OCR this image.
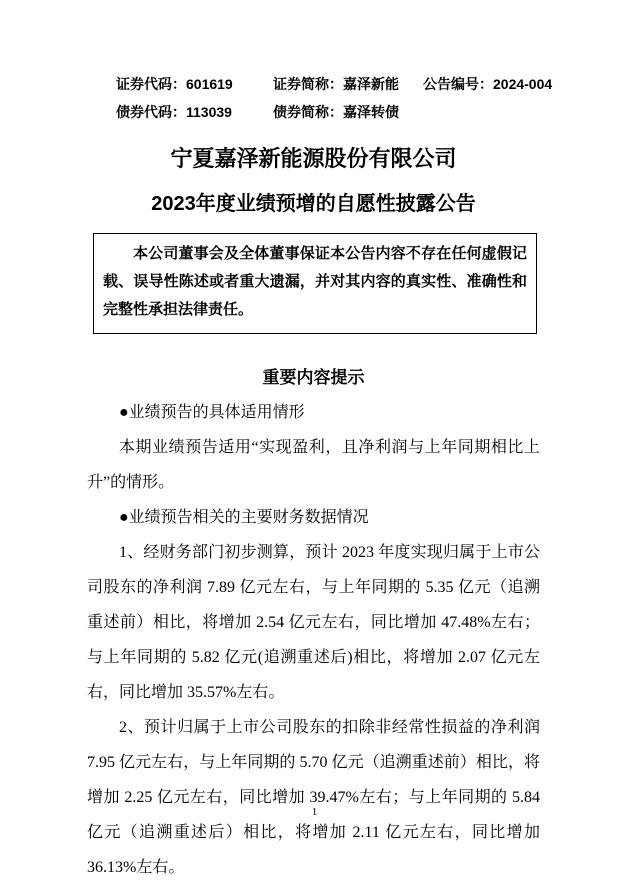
证券代码：601619	证券简称：嘉泽新能	公告编号：2024-004
债券代码：113039	债券简称：嘉泽转债
宁夏嘉泽新能源股份有限公司
2023年度业绩预增的自愿性披露公告
本公司董事会及全体董事保证本公告内容不存在任何虚假记载、误导性陈述或者重大遗漏，并对其内容的真实性、准确性和完整性承担法律责任。
重要内容提示

●业绩预告的具体适用情形

本期业绩预告适用“实现盈利，且净利润与上年同期相比上升”的情形。

●业绩预告相关的主要财务数据情况

1、经财务部门初步测算，预计 2023 年度实现归属于上市公司股东的净利润 7.89 亿元左右，与上年同期的 5.35 亿元（追溯重述前）相比，将增加 2.54 亿元左右，同比增加 47.48%左右；与上年同期的 5.82 亿元(追溯重述后)相比，将增加 2.07 亿元左右，同比增加 35.57%左右。

2、预计归属于上市公司股东的扣除非经常性损益的净利润 7.95 亿元左右，与上年同期的 5.70 亿元（追溯重述前）相比，将增加 2.25 亿元左右，同比增加 39.47%左右；与上年同期的 5.84 亿元（追溯重述后）相比，将增加 2.11 亿元左右，同比增加 36.13%左右。

1
